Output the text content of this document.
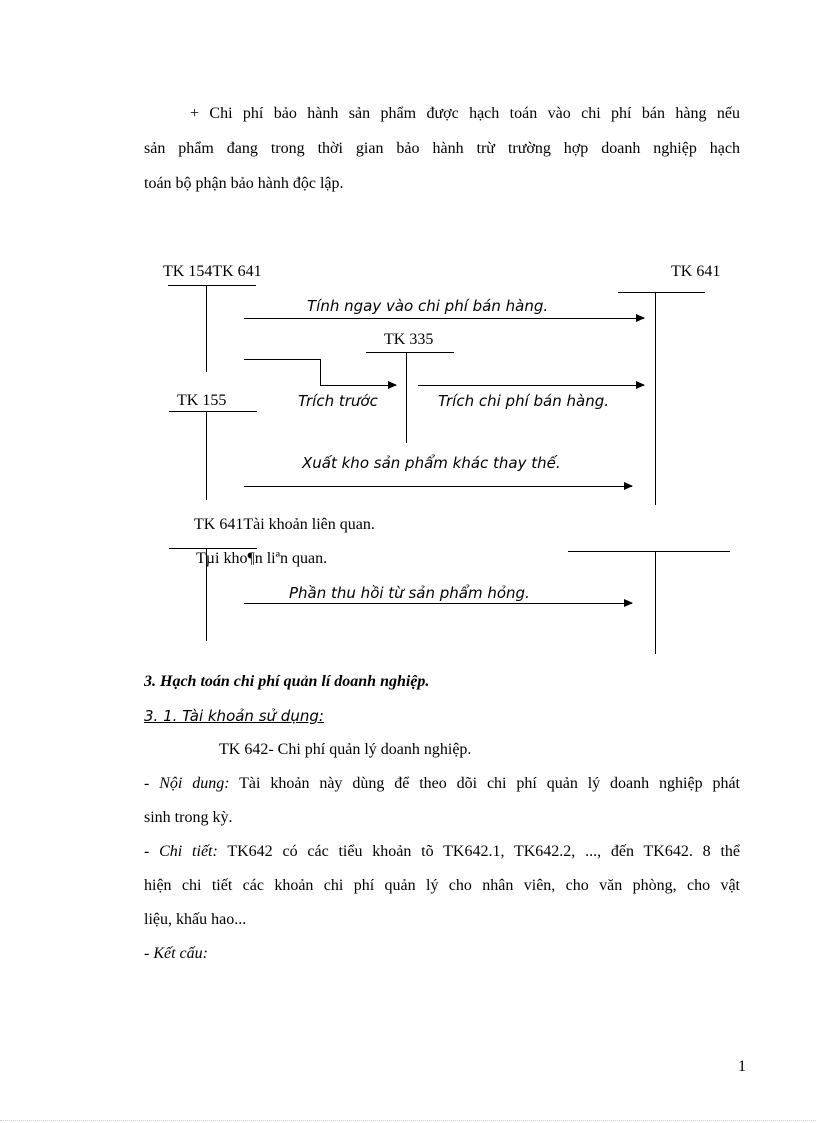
+ Chi phí bảo hành sản phẩm được hạch toán vào chi phí bán hàng nếu
sản phẩm đang trong thời gian bảo hành trừ trường hợp doanh nghiệp hạch
toán bộ phận bảo hành độc lập.
TK 154TK 641	TK 641
Tính ngay vào chi phí bán hàng.
TK 335
TK 155	Trích trước	Trích chi phí bán hàng.
Xuất kho sản phẩm khác thay thế.
TK 641Tài khoản liên quan.
Tµi kho¶n liªn quan.
Phần thu hồi từ sản phẩm hỏng.
3. Hạch toán chi phí quản lí doanh nghiệp.
3. 1. Tài khoản sử dụng:
TK 642- Chi phí quản lý doanh nghiệp.
- Nội dung: Tài khoản này dùng để theo dõi chi phí quản lý doanh nghiệp phát
sinh trong kỳ.
- Chi tiết: TK642 có các tiểu khoản tõ TK642.1, TK642.2, ..., đến TK642. 8 thể
hiện chi tiết các khoản chi phí quản lý cho nhân viên, cho văn phòng, cho vật
liệu, khấu hao...
- Kết cấu:
1
